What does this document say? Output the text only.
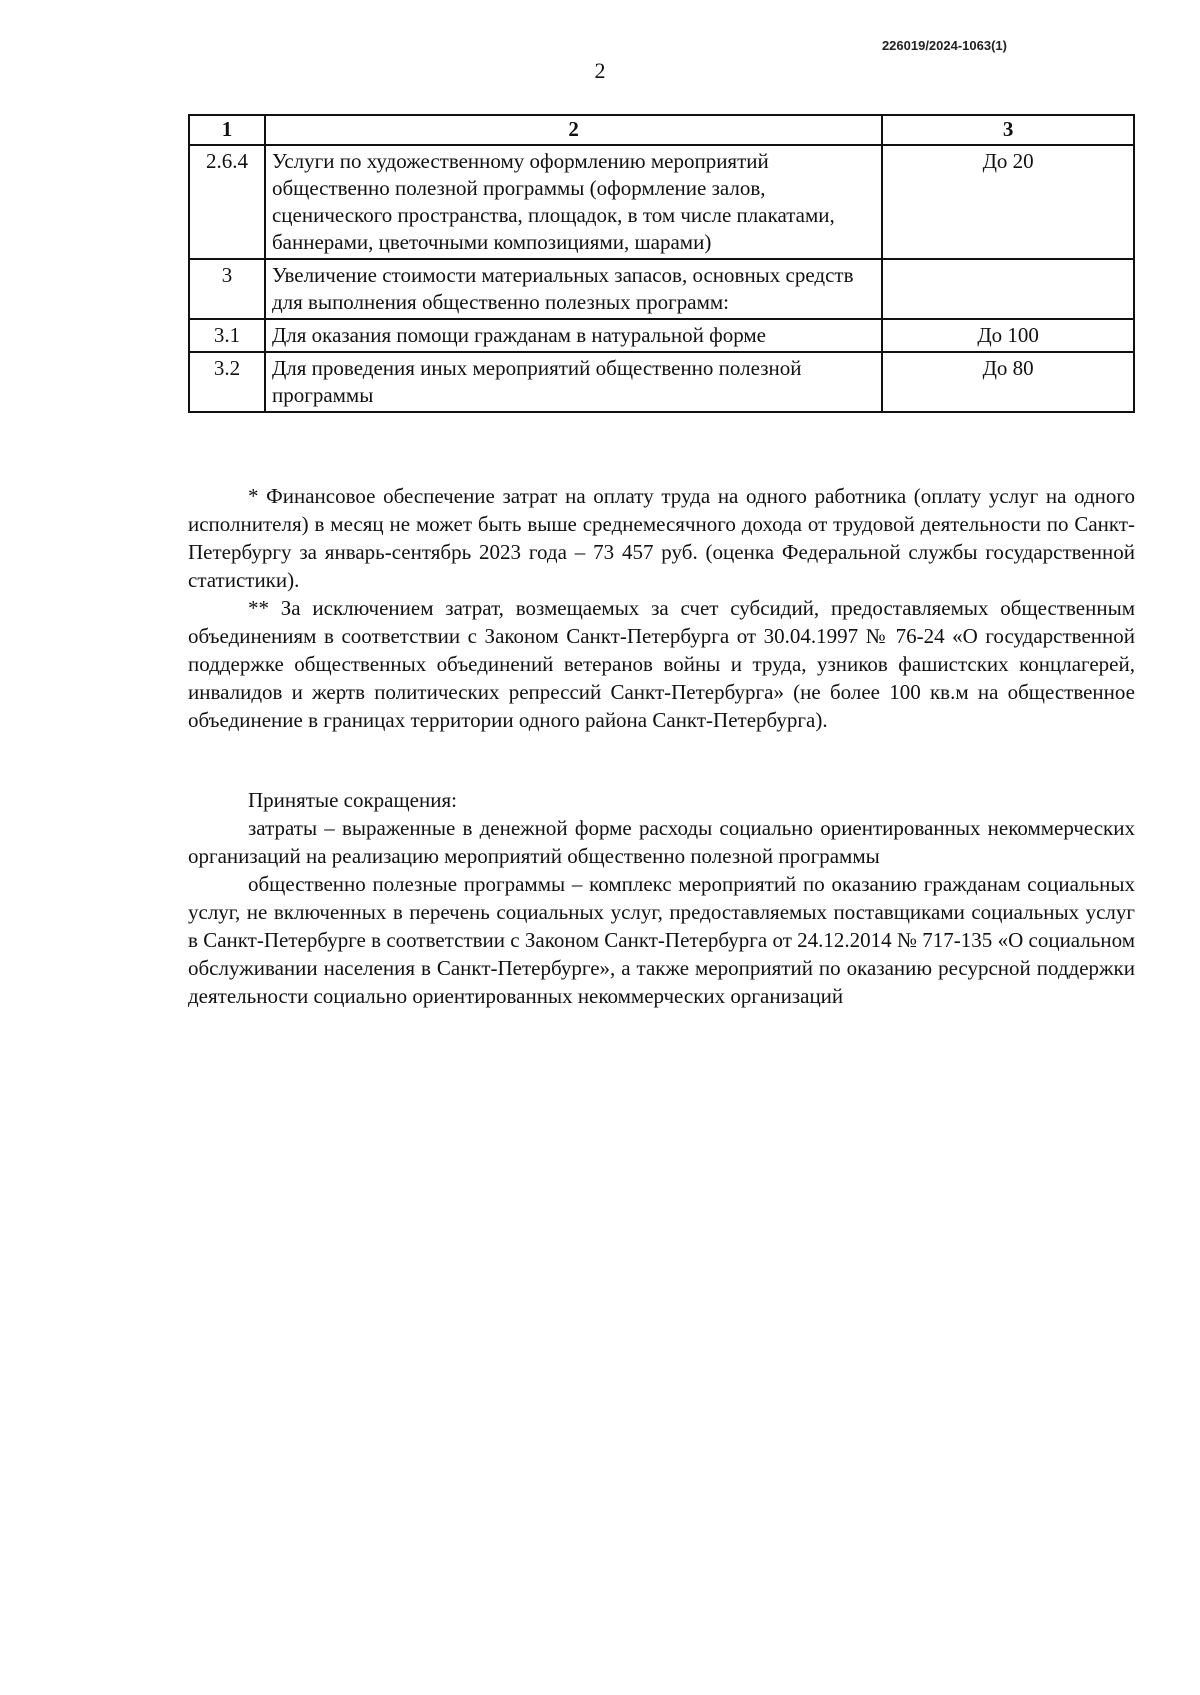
226019/2024-1063(1)
2
1	2	3
2.6.4	Услуги по художественному оформлению мероприятий общественно полезной программы (оформление залов, сценического пространства, площадок, в том числе плакатами, баннерами, цветочными композициями, шарами)	До 20
3	Увеличение стоимости материальных запасов, основных средств для выполнения общественно полезных программ:	
3.1	Для оказания помощи гражданам в натуральной форме	До 100
3.2	Для проведения иных мероприятий общественно полезной программы	До 80

* Финансовое обеспечение затрат на оплату труда на одного работника (оплату услуг на одного исполнителя) в месяц не может быть выше среднемесячного дохода от трудовой деятельности по Санкт-Петербургу за январь-сентябрь 2023 года – 73 457 руб. (оценка Федеральной службы государственной статистики).

** За исключением затрат, возмещаемых за счет субсидий, предоставляемых общественным объединениям в соответствии с Законом Санкт-Петербурга от 30.04.1997 № 76-24 «О государственной поддержке общественных объединений ветеранов войны и труда, узников фашистских концлагерей, инвалидов и жертв политических репрессий Санкт-Петербурга» (не более 100 кв.м на общественное объединение в границах территории одного района Санкт-Петербурга).

Принятые сокращения:

затраты – выраженные в денежной форме расходы социально ориентированных некоммерческих организаций на реализацию мероприятий общественно полезной программы

общественно полезные программы – комплекс мероприятий по оказанию гражданам социальных услуг, не включенных в перечень социальных услуг, предоставляемых поставщиками социальных услуг в Санкт-Петербурге в соответствии с Законом Санкт-Петербурга от 24.12.2014 № 717-135 «О социальном обслуживании населения в Санкт-Петербурге», а также мероприятий по оказанию ресурсной поддержки деятельности социально ориентированных некоммерческих организаций
